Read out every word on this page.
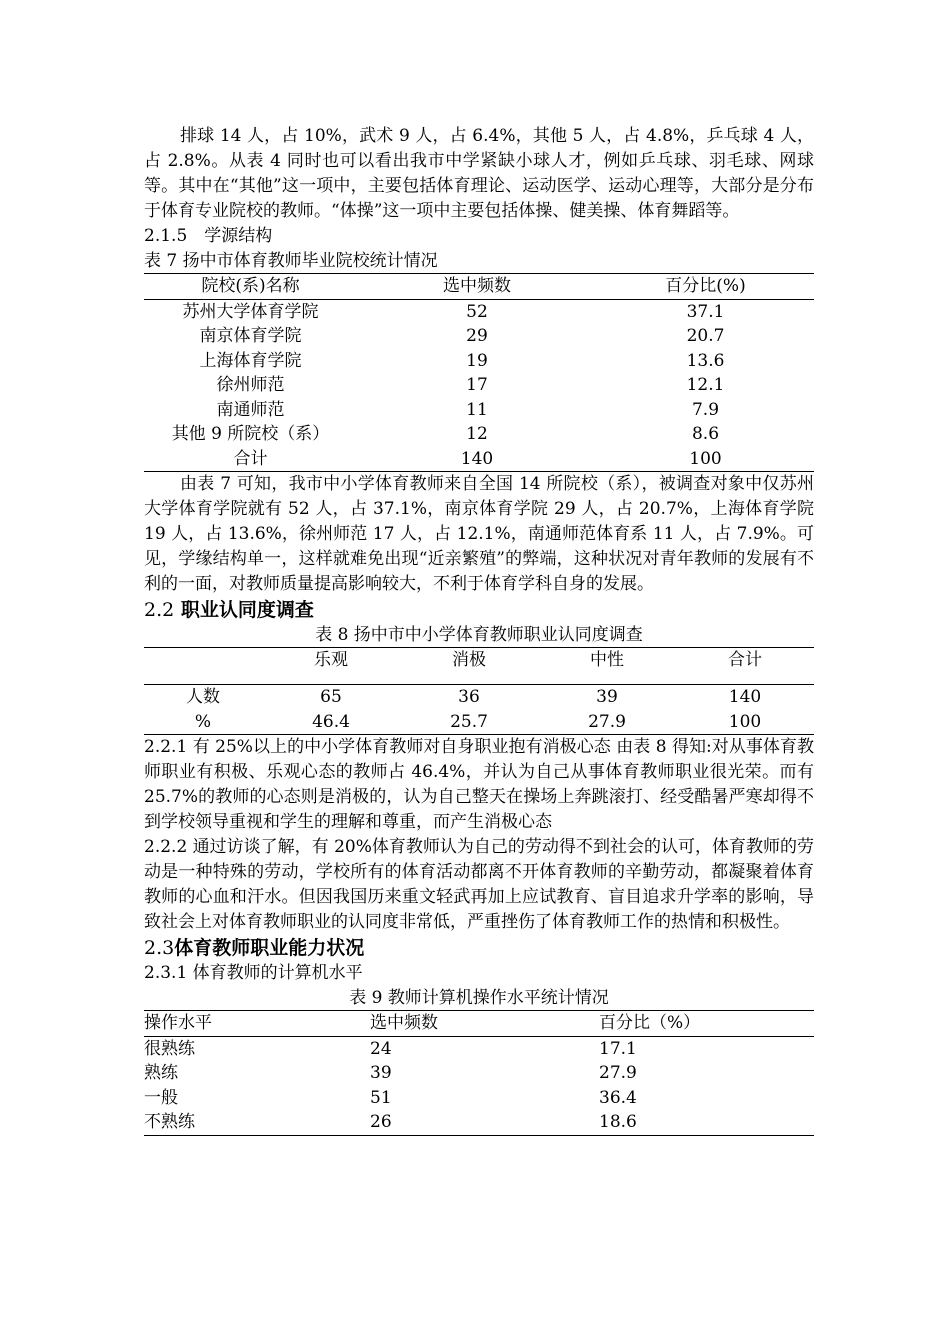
排球 14 人，占 10%，武术 9 人，占 6.4%，其他 5 人，占 4.8%，乒乓球 4 人，占 2.8%。从表 4 同时也可以看出我市中学紧缺小球人才，例如乒乓球、羽毛球、网球等。其中在“其他”这一项中，主要包括体育理论、运动医学、运动心理等，大部分是分布于体育专业院校的教师。“体操”这一项中主要包括体操、健美操、体育舞蹈等。

2.1.5　学源结构

表 7 扬中市体育教师毕业院校统计情况

院校(系)名称	选中频数	百分比(%)
苏州大学体育学院	52	37.1
南京体育学院	29	20.7
上海体育学院	19	13.6
徐州师范	17	12.1
南通师范	11	7.9
其他 9 所院校（系）	12	8.6
合计	140	100

由表 7 可知，我市中小学体育教师来自全国 14 所院校（系），被调查对象中仅苏州大学体育学院就有 52 人，占 37.1%，南京体育学院 29 人，占 20.7%，上海体育学院 19 人，占 13.6%，徐州师范 17 人，占 12.1%，南通师范体育系 11 人，占 7.9%。可见，学缘结构单一，这样就难免出现“近亲繁殖”的弊端，这种状况对青年教师的发展有不利的一面，对教师质量提高影响较大，不利于体育学科自身的发展。

2.2 职业认同度调查

表 8 扬中市中小学体育教师职业认同度调查

	乐观	消极	中性	合计
人数	65	36	39	140
%	46.4	25.7	27.9	100

2.2.1 有 25%以上的中小学体育教师对自身职业抱有消极心态 由表 8 得知:对从事体育教师职业有积极、乐观心态的教师占 46.4%，并认为自己从事体育教师职业很光荣。而有 25.7%的教师的心态则是消极的，认为自己整天在操场上奔跳滚打、经受酷暑严寒却得不到学校领导重视和学生的理解和尊重，而产生消极心态

2.2.2 通过访谈了解，有 20%体育教师认为自己的劳动得不到社会的认可，体育教师的劳动是一种特殊的劳动，学校所有的体育活动都离不开体育教师的辛勤劳动，都凝聚着体育教师的心血和汗水。但因我国历来重文轻武再加上应试教育、盲目追求升学率的影响，导致社会上对体育教师职业的认同度非常低，严重挫伤了体育教师工作的热情和积极性。

2.3体育教师职业能力状况

2.3.1 体育教师的计算机水平

表 9 教师计算机操作水平统计情况

操作水平	选中频数	百分比（%）
很熟练	24	17.1
熟练	39	27.9
一般	51	36.4
不熟练	26	18.6
